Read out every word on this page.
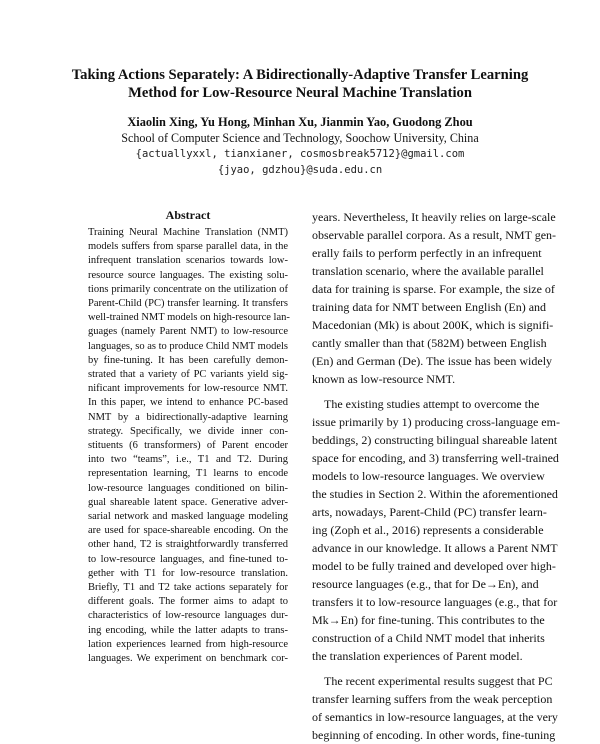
Taking Actions Separately: A Bidirectionally-Adaptive Transfer Learning
Method for Low-Resource Neural Machine Translation
Xiaolin Xing, Yu Hong, Minhan Xu, Jianmin Yao, Guodong Zhou
School of Computer Science and Technology, Soochow University, China
{actuallyxxl, tianxianer, cosmosbreak5712}@gmail.com
{jyao, gdzhou}@suda.edu.cn
Abstract
Training Neural Machine Translation (NMT)
models suffers from sparse parallel data, in the
infrequent translation scenarios towards low-
resource source languages. The existing solu-
tions primarily concentrate on the utilization of
Parent-Child (PC) transfer learning. It transfers
well-trained NMT models on high-resource lan-
guages (namely Parent NMT) to low-resource
languages, so as to produce Child NMT models
by fine-tuning. It has been carefully demon-
strated that a variety of PC variants yield sig-
nificant improvements for low-resource NMT.
In this paper, we intend to enhance PC-based
NMT by a bidirectionally-adaptive learning
strategy. Specifically, we divide inner con-
stituents (6 transformers) of Parent encoder
into two “teams”, i.e., T1 and T2. During
representation learning, T1 learns to encode
low-resource languages conditioned on bilin-
gual shareable latent space. Generative adver-
sarial network and masked language modeling
are used for space-shareable encoding. On the
other hand, T2 is straightforwardly transferred
to low-resource languages, and fine-tuned to-
gether with T1 for low-resource translation.
Briefly, T1 and T2 take actions separately for
different goals. The former aims to adapt to
characteristics of low-resource languages dur-
ing encoding, while the latter adapts to trans-
lation experiences learned from high-resource
languages. We experiment on benchmark cor-
years. Nevertheless, It heavily relies on large-scale
observable parallel corpora. As a result, NMT gen-
erally fails to perform perfectly in an infrequent
translation scenario, where the available parallel
data for training is sparse. For example, the size of
training data for NMT between English (En) and
Macedonian (Mk) is about 200K, which is signifi-
cantly smaller than that (582M) between English
(En) and German (De). The issue has been widely
known as low-resource NMT.
The existing studies attempt to overcome the
issue primarily by 1) producing cross-language em-
beddings, 2) constructing bilingual shareable latent
space for encoding, and 3) transferring well-trained
models to low-resource languages. We overview
the studies in Section 2. Within the aforementioned
arts, nowadays, Parent-Child (PC) transfer learn-
ing (Zoph et al., 2016) represents a considerable
advance in our knowledge. It allows a Parent NMT
model to be fully trained and developed over high-
resource languages (e.g., that for De→En), and
transfers it to low-resource languages (e.g., that for
Mk→En) for fine-tuning. This contributes to the
construction of a Child NMT model that inherits
the translation experiences of Parent model.
The recent experimental results suggest that PC
transfer learning suffers from the weak perception
of semantics in low-resource languages, at the very
beginning of encoding. In other words, fine-tuning
